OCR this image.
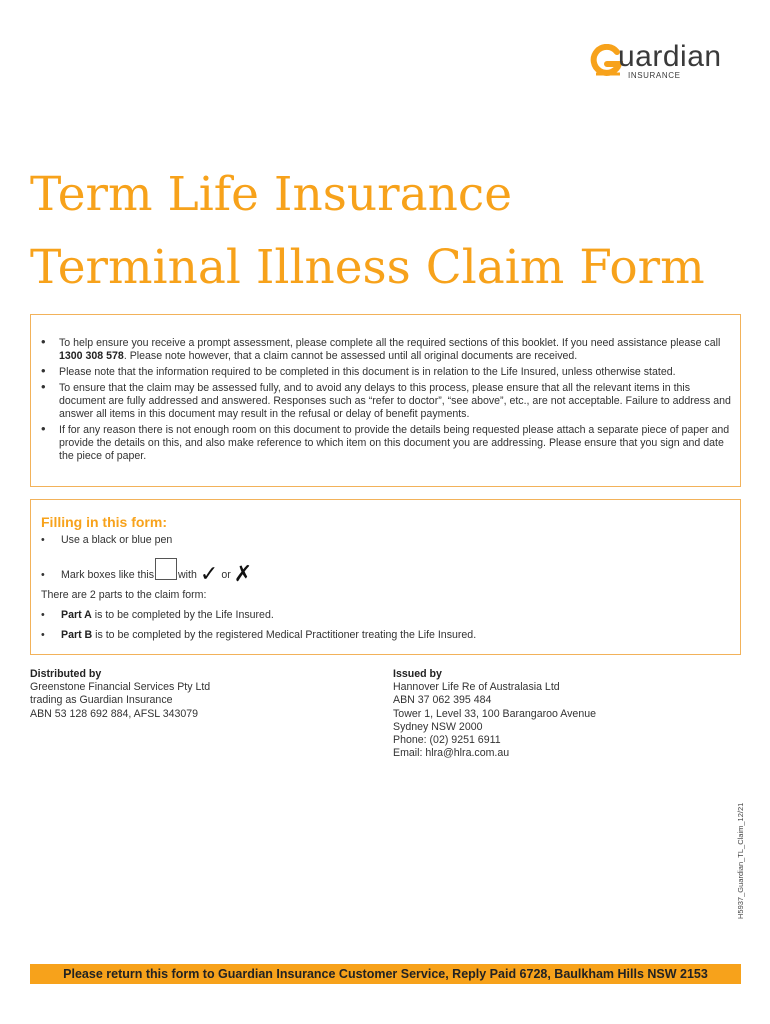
uardian
INSURANCE
Term Life Insurance
Terminal Illness Claim Form
• To help ensure you receive a prompt assessment, please complete all the required sections of this booklet. If you need assistance please call 1300 308 578. Please note however, that a claim cannot be assessed until all original documents are received.
• Please note that the information required to be completed in this document is in relation to the Life Insured, unless otherwise stated.
• To ensure that the claim may be assessed fully, and to avoid any delays to this process, please ensure that all the relevant items in this document are fully addressed and answered. Responses such as “refer to doctor”, “see above”, etc., are not acceptable. Failure to address and answer all items in this document may result in the refusal or delay of benefit payments.
• If for any reason there is not enough room on this document to provide the details being requested please attach a separate piece of paper and provide the details on this, and also make reference to which item on this document you are addressing. Please ensure that you sign and date the piece of paper.
Filling in this form:
• Use a black or blue pen
• Mark boxes like this with ✓ or ✗
There are 2 parts to the claim form:
• Part A is to be completed by the Life Insured.
• Part B is to be completed by the registered Medical Practitioner treating the Life Insured.
Distributed by
Greenstone Financial Services Pty Ltd
trading as Guardian Insurance
ABN 53 128 692 884, AFSL 343079
Issued by
Hannover Life Re of Australasia Ltd
ABN 37 062 395 484
Tower 1, Level 33, 100 Barangaroo Avenue
Sydney NSW 2000
Phone: (02) 9251 6911
Email: hlra@hlra.com.au
H5937_Guardian_TL_Claim_12/21
Please return this form to Guardian Insurance Customer Service, Reply Paid 6728, Baulkham Hills NSW 2153
